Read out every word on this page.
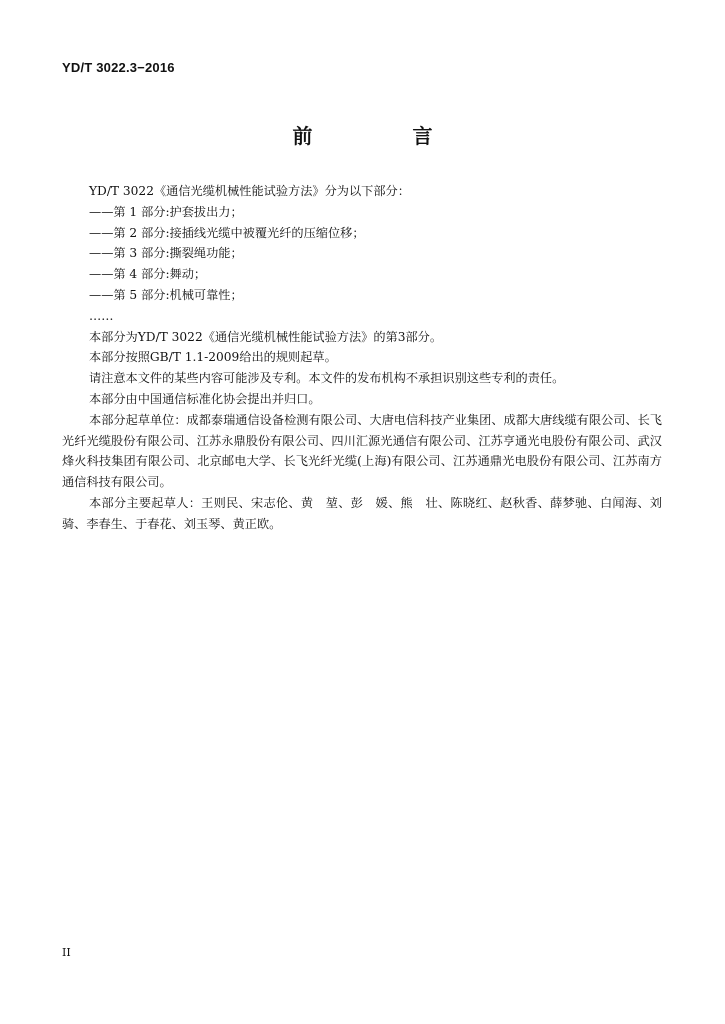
YD/T 3022.3−2016
前　言

YD/T 3022《通信光缆机械性能试验方法》分为以下部分：

——第 1 部分:护套拔出力；

——第 2 部分:接插线光缆中被覆光纤的压缩位移；

——第 3 部分:撕裂绳功能；

——第 4 部分:舞动；

——第 5 部分:机械可靠性；

……

本部分为YD/T 3022《通信光缆机械性能试验方法》的第3部分。

本部分按照GB/T 1.1-2009给出的规则起草。

请注意本文件的某些内容可能涉及专利。本文件的发布机构不承担识别这些专利的责任。

本部分由中国通信标准化协会提出并归口。

本部分起草单位：成都泰瑞通信设备检测有限公司、大唐电信科技产业集团、成都大唐线缆有限公司、长飞光纤光缆股份有限公司、江苏永鼎股份有限公司、四川汇源光通信有限公司、江苏亨通光电股份有限公司、武汉烽火科技集团有限公司、北京邮电大学、长飞光纤光缆(上海)有限公司、江苏通鼎光电股份有限公司、江苏南方通信科技有限公司。

本部分主要起草人：王则民、宋志伦、黄　堃、彭　媛、熊　壮、陈晓红、赵秋香、薛梦驰、白闻海、刘　骑、李春生、于春花、刘玉琴、黄正欧。

II
